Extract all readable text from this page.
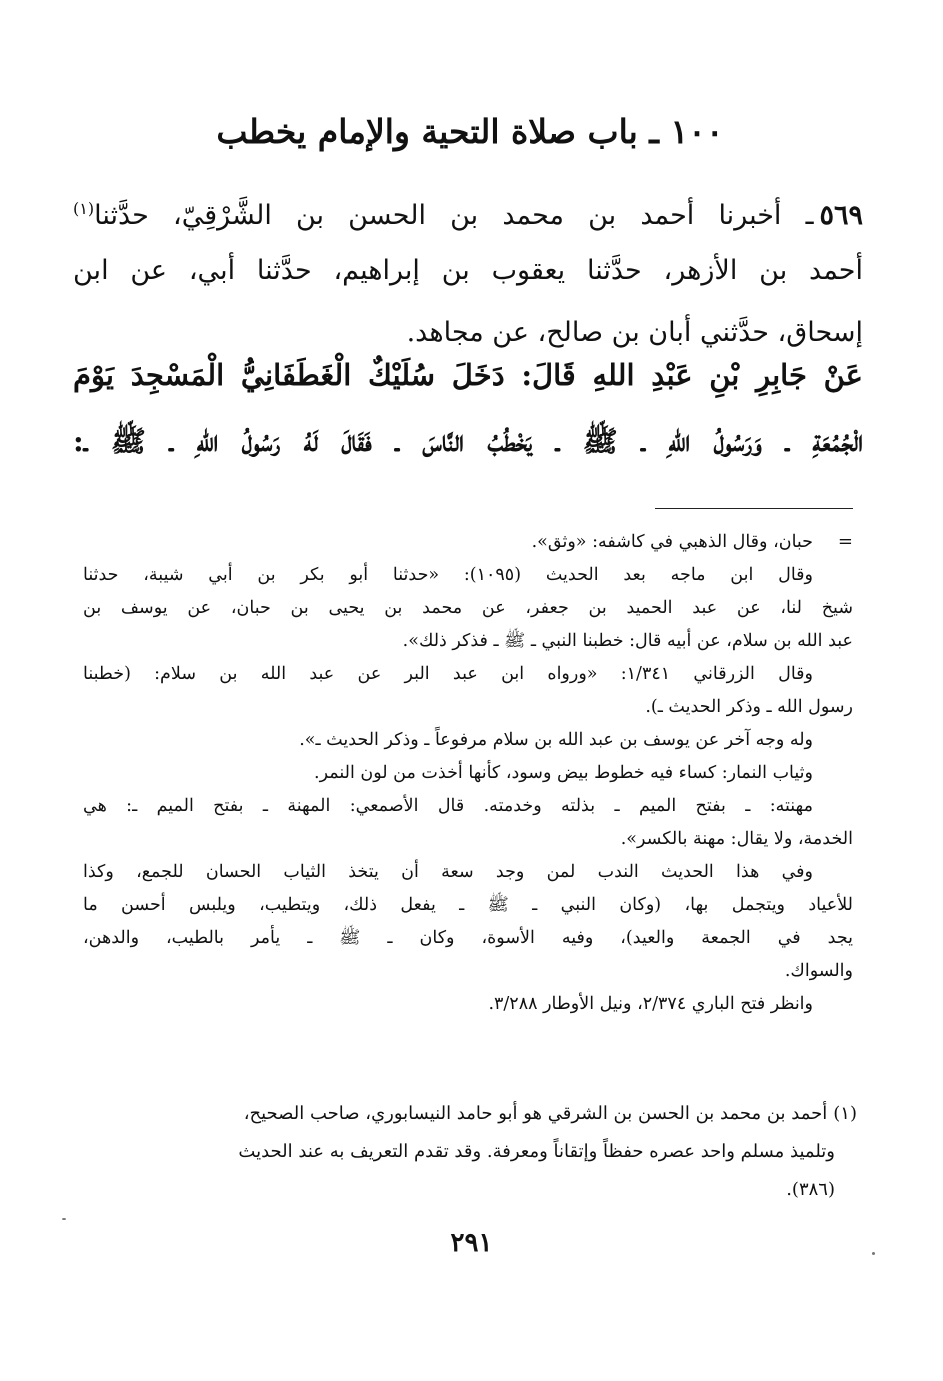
١٠٠ ـ باب صلاة التحية والإمام يخطب
٥٦٩ـ أخبرنا أحمد بن محمد بن الحسن بن الشَّرْقِيّ، حدَّثنا$^{(١)}$
أحمد بن الأزهر، حدَّثنا يعقوب بن إبراهيم، حدَّثنا أبي، عن ابن
إسحاق، حدَّثني أبان بن صالح، عن مجاهد.
عَنْ جَابِرِ بْنِ عَبْدِ اللهِ قَالَ: دَخَلَ سُلَيْكٌ الْغَطَفَانِيُّ الْمَسْجِدَ يَوْمَ
الْجُمُعَةِ ـ وَرَسُولُ اللهِ ـ ﷺ ـ يَخْطُبُ النَّاسَ ـ فَقَالَ لَهُ رَسُولُ اللهِ ـ ﷺ ـ:
=
حبان، وقال الذهبي في كاشفه: «وثق».
وقال ابن ماجه بعد الحديث (١٠٩٥): «حدثنا أبو بكر بن أبي شيبة، حدثنا
شيخ لنا، عن عبد الحميد بن جعفر، عن محمد بن يحيى بن حبان، عن يوسف بن
عبد الله بن سلام، عن أبيه قال: خطبنا النبي ـ ﷺ ـ فذكر ذلك».
وقال الزرقاني ١/٣٤١: «ورواه ابن عبد البر عن عبد الله بن سلام: (خطبنا
رسول الله ـ وذكر الحديث ـ).
وله وجه آخر عن يوسف بن عبد الله بن سلام مرفوعاً ـ وذكر الحديث ـ».
وثياب النمار: كساء فيه خطوط بيض وسود، كأنها أخذت من لون النمر.
مهنته: ـ بفتح الميم ـ بذلته وخدمته. قال الأصمعي: المهنة ـ بفتح الميم ـ: هي
الخدمة، ولا يقال: مهنة بالكسر».
وفي هذا الحديث الندب لمن وجد سعة أن يتخذ الثياب الحسان للجمع، وكذا
للأعياد ويتجمل بها، (وكان النبي ـ ﷺ ـ يفعل ذلك، ويتطيب، ويلبس أحسن ما
يجد في الجمعة والعيد)، وفيه الأسوة، وكان ـ ﷺ ـ يأمر بالطيب، والدهن،
والسواك.
وانظر فتح الباري ٢/٣٧٤، ونيل الأوطار ٣/٢٨٨.
(١)أحمد بن محمد بن الحسن بن الشرقي هو أبو حامد النيسابوري، صاحب الصحيح،
وتلميذ مسلم واحد عصره حفظاً وإتقاناً ومعرفة. وقد تقدم التعريف به عند الحديث
(٣٨٦).
٢٩١
